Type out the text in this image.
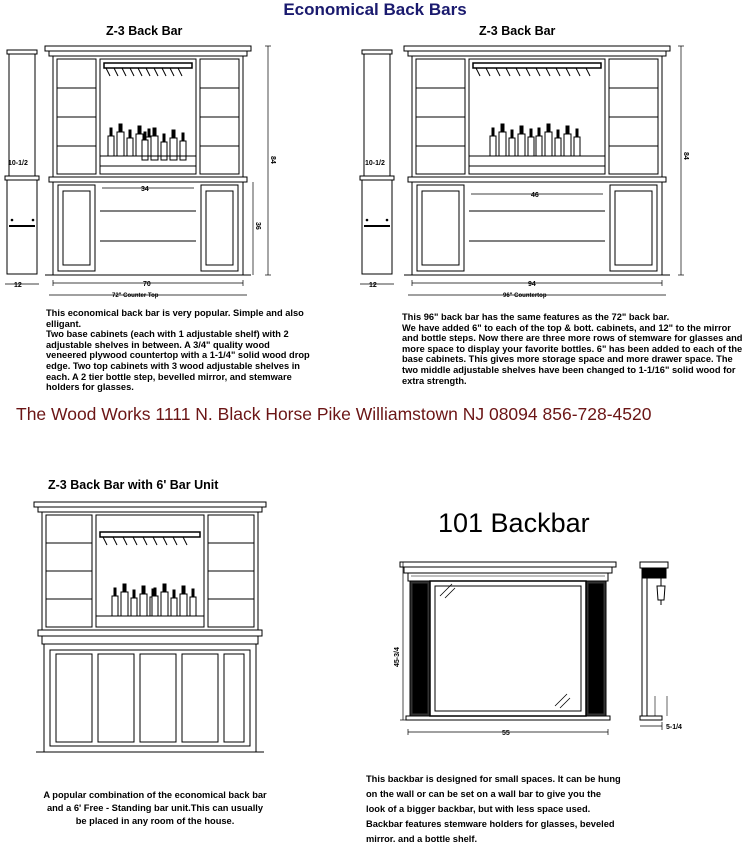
Economical Back Bars
Z-3 Back Bar	Z-3 Back Bar
Z-3 Back Bar with 6' Bar Unit
101 Backbar
84
10-1/2
12
34
36
70
72" Counter Top
84
10-1/2
12
46
94
96" Countertop
45-3/4
55
5-1/4

This economical back bar is very popular. Simple and also elligant.

Two base cabinets (each with 1 adjustable shelf) with 2 adjustable shelves in between. A 3/4" quality wood veneered plywood countertop with a 1-1/4" solid wood drop edge. Two top cabinets with 3 wood adjustable shelves in each. A 2 tier bottle step, bevelled mirror, and stemware holders for glasses.

This 96" back bar has the same features as the 72" back bar.

We have added 6" to each of the top & bott. cabinets, and 12" to the mirror and bottle steps. Now there are three more rows of stemware for glasses and more space to display your favorite bottles. 6" has been added to each of the base cabinets. This gives more storage space and more drawer space. The two middle adjustable shelves have been changed to 1-1/16" solid wood for extra strength.

The Wood Works 1111 N. Black Horse Pike Williamstown NJ 08094 856-728-4520

A popular combination of the economical back bar

and a 6' Free - Standing bar unit.This can usually

be placed in any room of the house.

This backbar is designed for small spaces. It can be hung

on the wall or can be set on a wall bar to give you the

look of a bigger backbar, but with less space used.

Backbar features stemware holders for glasses, beveled

mirror. and a bottle shelf.
